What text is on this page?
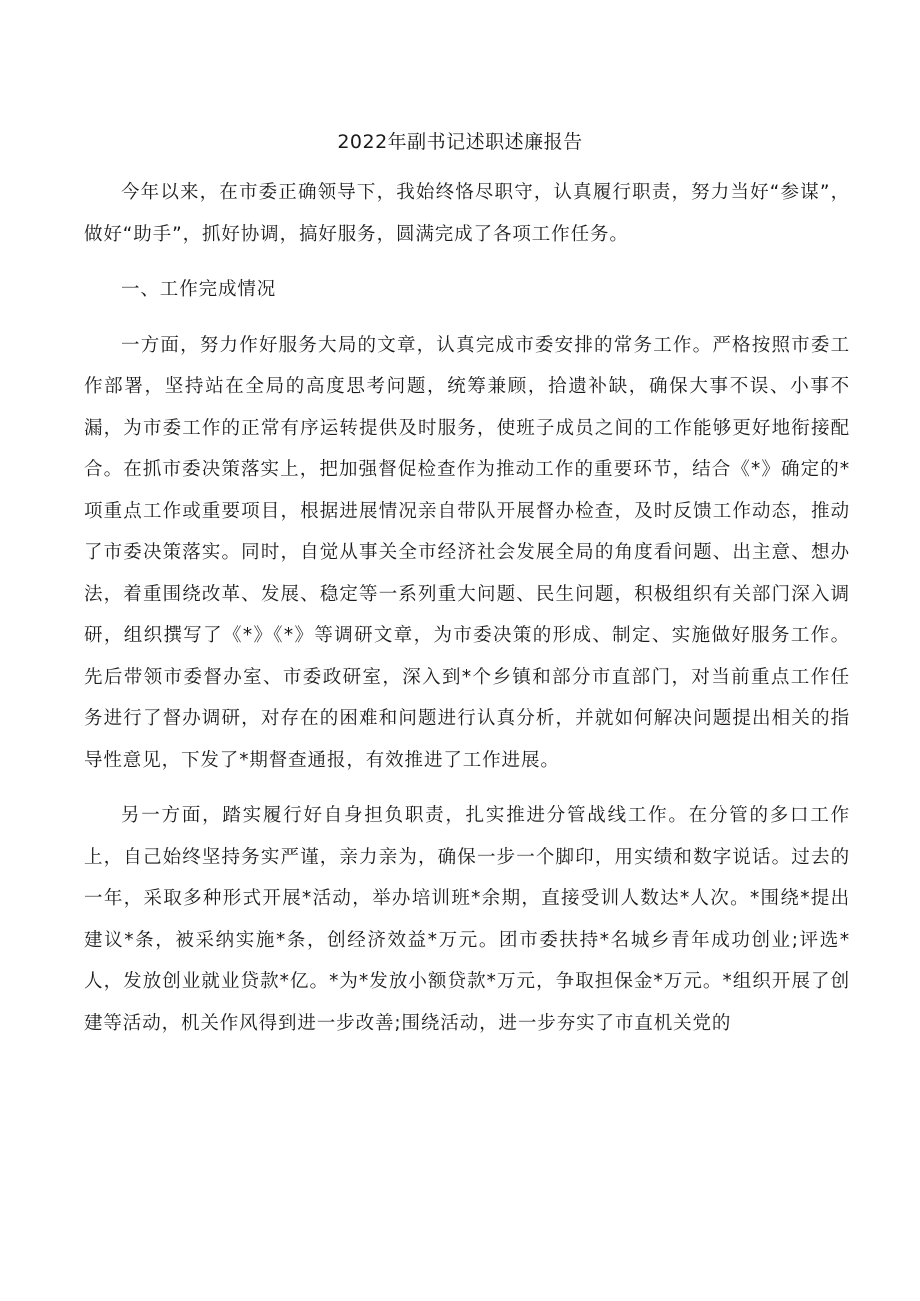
2022年副书记述职述廉报告

今年以来，在市委正确领导下，我始终恪尽职守，认真履行职责，努力当好“参谋”，做好“助手”，抓好协调，搞好服务，圆满完成了各项工作任务。

一、工作完成情况

一方面，努力作好服务大局的文章，认真完成市委安排的常务工作。严格按照市委工作部署，坚持站在全局的高度思考问题，统筹兼顾，拾遗补缺，确保大事不误、小事不漏，为市委工作的正常有序运转提供及时服务，使班子成员之间的工作能够更好地衔接配合。在抓市委决策落实上，把加强督促检查作为推动工作的重要环节，结合《*》确定的*项重点工作或重要项目，根据进展情况亲自带队开展督办检查，及时反馈工作动态，推动了市委决策落实。同时，自觉从事关全市经济社会发展全局的角度看问题、出主意、想办法，着重围绕改革、发展、稳定等一系列重大问题、民生问题，积极组织有关部门深入调研，组织撰写了《*》《*》等调研文章，为市委决策的形成、制定、实施做好服务工作。先后带领市委督办室、市委政研室，深入到*个乡镇和部分市直部门，对当前重点工作任务进行了督办调研，对存在的困难和问题进行认真分析，并就如何解决问题提出相关的指导性意见，下发了*期督查通报，有效推进了工作进展。

另一方面，踏实履行好自身担负职责，扎实推进分管战线工作。在分管的多口工作上，自己始终坚持务实严谨，亲力亲为，确保一步一个脚印，用实绩和数字说话。过去的一年，采取多种形式开展*活动，举办培训班*余期，直接受训人数达*人次。*围绕*提出建议*条，被采纳实施*条，创经济效益*万元。团市委扶持*名城乡青年成功创业;评选*人，发放创业就业贷款*亿。*为*发放小额贷款*万元，争取担保金*万元。*组织开展了创建等活动，机关作风得到进一步改善;围绕活动，进一步夯实了市直机关党的
